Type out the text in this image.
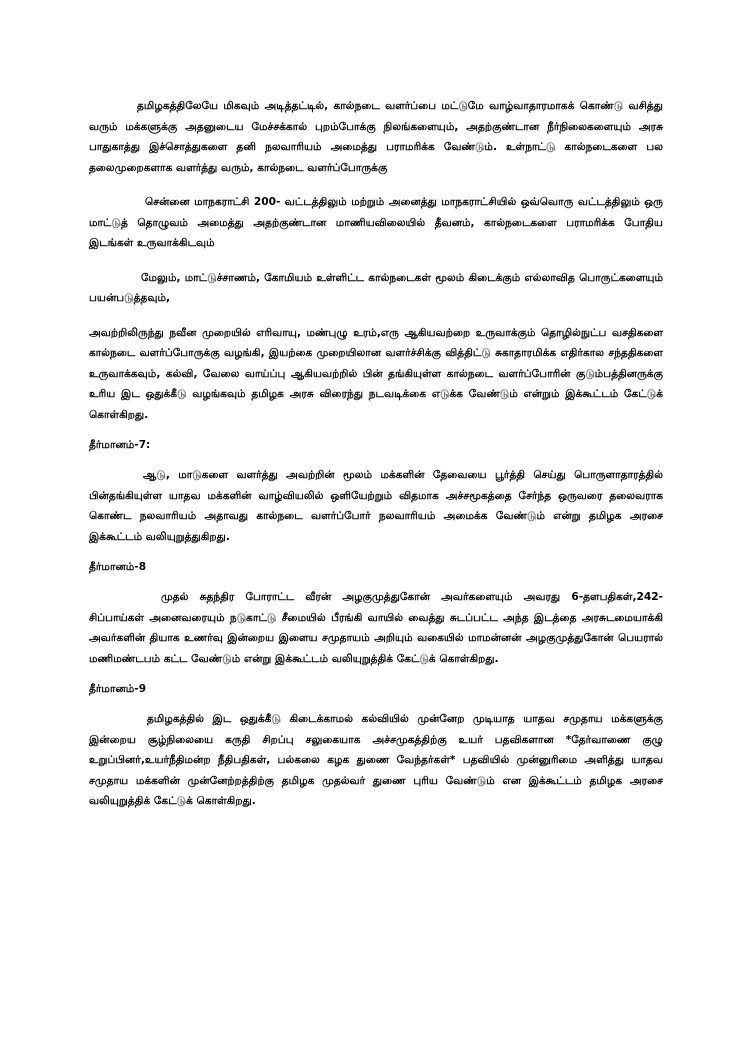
தமிழகத்திலேயே மிகவும் அடித்தட்டில், கால்நடை வளர்ப்பை மட்டுமே வாழ்வாதாரமாகக் கொண்டு வசித்து வரும் மக்களுக்கு அதனுடைய மேச்சக்கால் புறம்போக்கு நிலங்களையும், அதற்குண்டான நீர்நிலைகளையும் அரசு பாதுகாத்து இச்சொத்துகளை தனி நலவாரியம் அமைத்து பராமரிக்க வேண்டும். உள்நாட்டு கால்நடைகளை பல தலைமுறைகளாக வளர்த்து வரும், கால்நடை வளர்ப்போருக்கு

சென்னை மாநகராட்சி 200- வட்டத்திலும் மற்றும் அனைத்து மாநகராட்சியில் ஒவ்வொரு வட்டத்திலும் ஒரு மாட்டுத் தொழுவம் அமைத்து அதற்குண்டான மாணியவிலையில் தீவனம், கால்நடைகளை பராமரிக்க போதிய இடங்கள் உருவாக்கிடவும்

மேலும், மாட்டுச்சாணம், கோமியம் உள்ளிட்ட கால்நடைகள் மூலம் கிடைக்கும் எல்லாவித பொருட்களையும் பயன்படுத்தவும்,

அவற்றிலிருந்து நவீன முறையில் எரிவாயு, மண்புழு உரம்,எரு ஆகியவற்றை உருவாக்கும் தொழில்நுட்ப வசதிகளை கால்நடை வளர்ப்போருக்கு வழங்கி, இயற்கை முறையிலான வளர்ச்சிக்கு வித்திட்டு சுகாதாரமிக்க எதிர்கால சந்ததிகளை உருவாக்கவும், கல்வி, வேலை வாய்ப்பு ஆகியவற்றில் பின் தங்கியுள்ள கால்நடை வளர்ப்போரின் குடும்பத்தினருக்கு உரிய இட ஒதுக்கீடு வழங்கவும் தமிழக அரசு விரைந்து நடவடிக்கை எடுக்க வேண்டும் என்றும் இக்கூட்டம் கேட்டுக் கொள்கிறது.

தீர்மானம்-7:

ஆடு, மாடுகளை வளர்த்து அவற்றின் மூலம் மக்களின் தேவையை பூர்த்தி செய்து பொருளாதாரத்தில் பின்தங்கியுள்ள யாதவ மக்களின் வாழ்வியலில் ஒளியேற்றும் விதமாக அச்சமூகத்தை சேர்ந்த ஒருவரை தலைவராக கொண்ட நலவாரியம் அதாவது கால்நடை வளர்ப்போர் நலவாரியம் அமைக்க வேண்டும் என்று தமிழக அரசை இக்கூட்டம் வலியுறுத்துகிறது.

தீர்மானம்-8

முதல் சுதந்திர போராட்ட வீரன் அழகுமுத்துகோன் அவர்களையும் அவரது 6-தளபதிகள்,242- சிப்பாய்கள் அனைவரையும் நடுகாட்டு சீமையில் பீரங்கி வாயில் வைத்து சுடப்பட்ட அந்த இடத்தை அரசுடமையாக்கி அவர்களின் தியாக உணர்வு இன்றைய இளைய சமுதாயம் அறியும் வகையில் மாமன்னன் அழகுமுத்துகோன் பெயரால் மணிமண்டபம் கட்ட வேண்டும் என்று இக்கூட்டம் வலியுறுத்திக் கேட்டுக் கொள்கிறது.

தீர்மானம்-9

தமிழகத்தில் இட ஒதுக்கீடு கிடைக்காமல் கல்வியில் முன்னேற முடியாத யாதவ சமுதாய மக்களுக்கு இன்றைய சூழ்நிலையை கருதி சிறப்பு சலுகையாக அச்சமுகத்திற்கு உயர் பதவிகளான *தேர்வாணை குழு உறுப்பினர்,உயர்நீதிமன்ற நீதிபதிகள், பல்கலை கழக துணை வேந்தர்கள்* பதவியில் முன்னுரிமை அளித்து யாதவ சமுதாய மக்களின் முன்னேற்றத்திற்கு தமிழக முதல்வர் துணை புரிய வேண்டும் என இக்கூட்டம் தமிழக அரசை வலியுறுத்திக் கேட்டுக் கொள்கிறது.
